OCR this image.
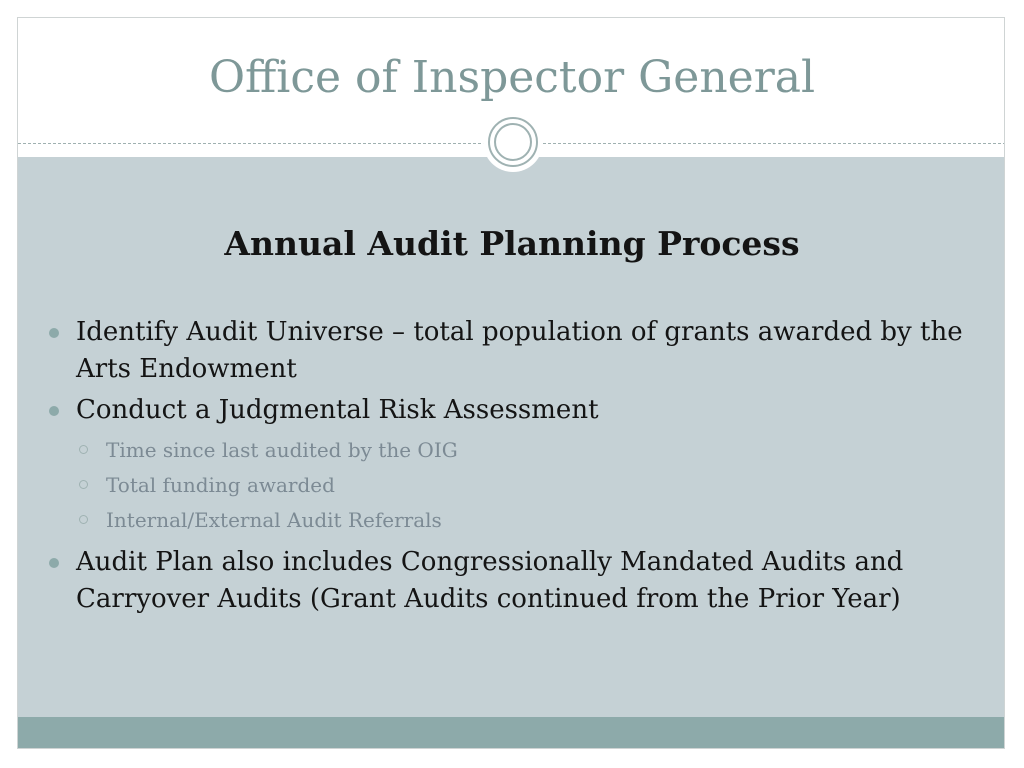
Office of Inspector General
Annual Audit Planning Process
Identify Audit Universe – total population of grants awarded by the Arts Endowment
Conduct a Judgmental Risk Assessment
Time since last audited by the OIG
Total funding awarded
Internal/External Audit Referrals
Audit Plan also includes Congressionally Mandated Audits and Carryover Audits (Grant Audits continued from the Prior Year)
